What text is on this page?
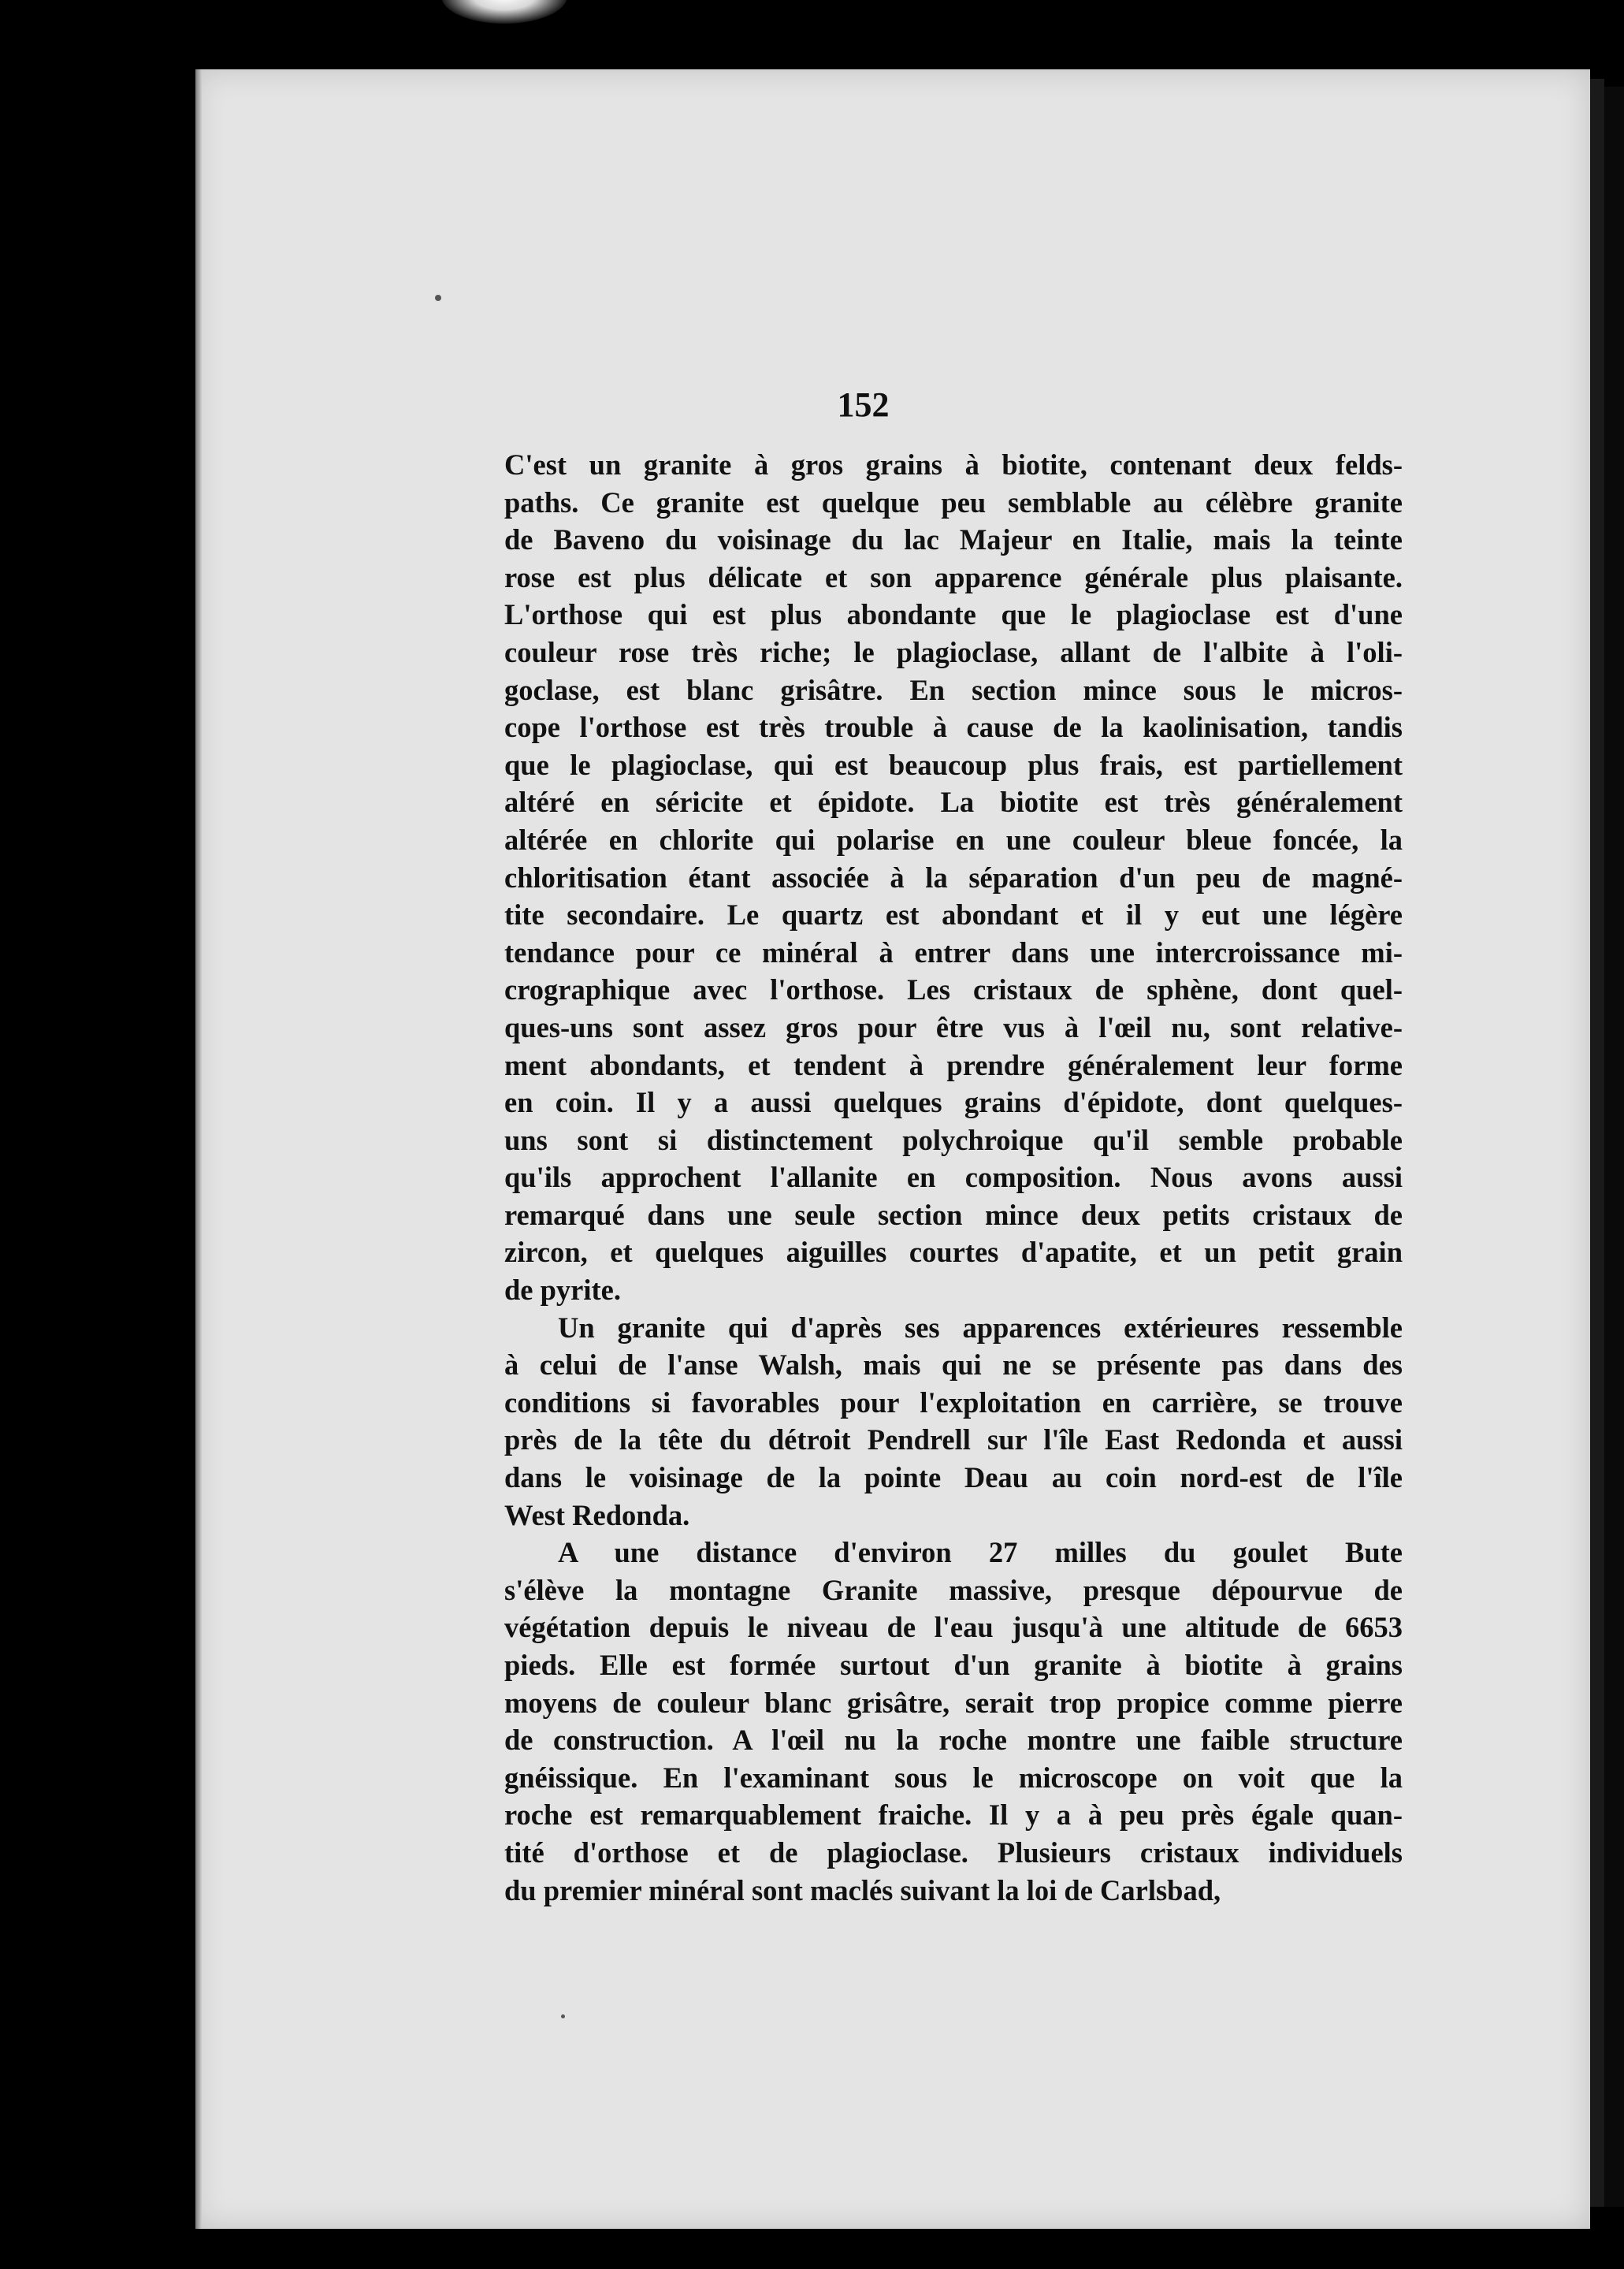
152
C'est un granite à gros grains à biotite, contenant deux felds-
paths. Ce granite est quelque peu semblable au célèbre granite
de Baveno du voisinage du lac Majeur en Italie, mais la teinte
rose est plus délicate et son apparence générale plus plaisante.
L'orthose qui est plus abondante que le plagioclase est d'une
couleur rose très riche; le plagioclase, allant de l'albite à l'oli-
goclase, est blanc grisâtre. En section mince sous le micros-
cope l'orthose est très trouble à cause de la kaolinisation, tandis
que le plagioclase, qui est beaucoup plus frais, est partiellement
altéré en séricite et épidote. La biotite est très généralement
altérée en chlorite qui polarise en une couleur bleue foncée, la
chloritisation étant associée à la séparation d'un peu de magné-
tite secondaire. Le quartz est abondant et il y eut une légère
tendance pour ce minéral à entrer dans une intercroissance mi-
crographique avec l'orthose. Les cristaux de sphène, dont quel-
ques-uns sont assez gros pour être vus à l'œil nu, sont relative-
ment abondants, et tendent à prendre généralement leur forme
en coin. Il y a aussi quelques grains d'épidote, dont quelques-
uns sont si distinctement polychroique qu'il semble probable
qu'ils approchent l'allanite en composition. Nous avons aussi
remarqué dans une seule section mince deux petits cristaux de
zircon, et quelques aiguilles courtes d'apatite, et un petit grain
de pyrite.
Un granite qui d'après ses apparences extérieures ressemble
à celui de l'anse Walsh, mais qui ne se présente pas dans des
conditions si favorables pour l'exploitation en carrière, se trouve
près de la tête du détroit Pendrell sur l'île East Redonda et aussi
dans le voisinage de la pointe Deau au coin nord-est de l'île
West Redonda.
A une distance d'environ 27 milles du goulet Bute
s'élève la montagne Granite massive, presque dépourvue de
végétation depuis le niveau de l'eau jusqu'à une altitude de 6653
pieds. Elle est formée surtout d'un granite à biotite à grains
moyens de couleur blanc grisâtre, serait trop propice comme pierre
de construction. A l'œil nu la roche montre une faible structure
gnéissique. En l'examinant sous le microscope on voit que la
roche est remarquablement fraiche. Il y a à peu près égale quan-
tité d'orthose et de plagioclase. Plusieurs cristaux individuels
du premier minéral sont maclés suivant la loi de Carlsbad,
